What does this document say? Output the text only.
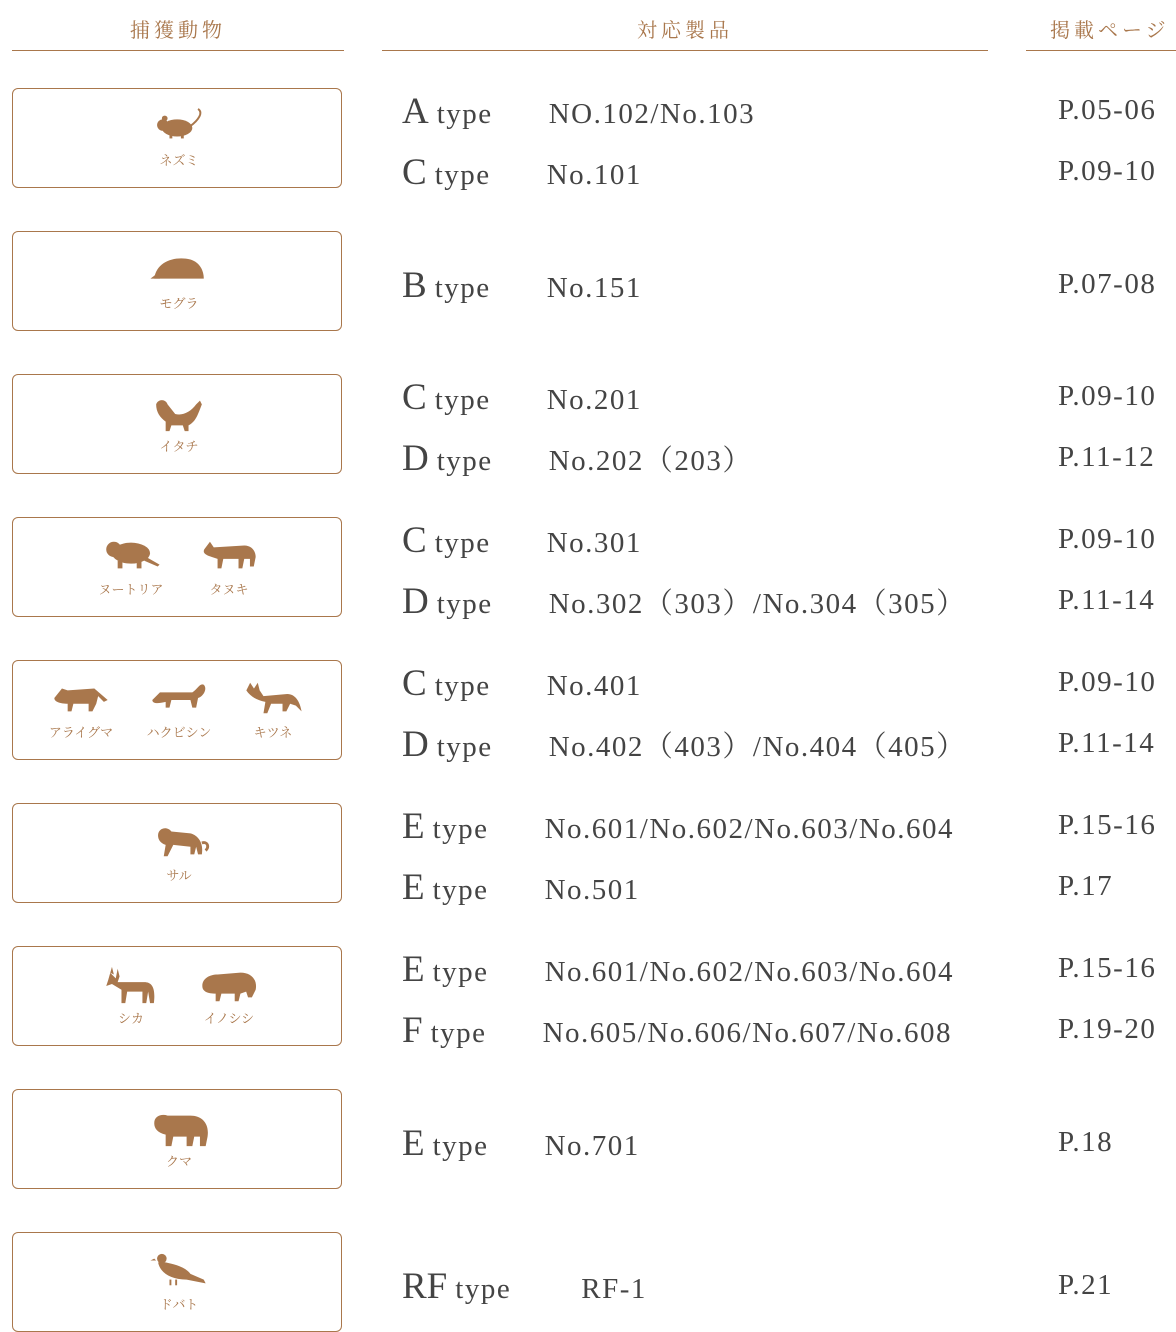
捕獲動物	対応製品	掲載ページ
ネズミ
A type NO.102/No.103	P.05-06
C type No.101	P.09-10
モグラ	B type No.151	P.07-08
イタチ
C type No.201	P.09-10
D type No.202（203）	P.11-12
ヌートリア	タヌキ
C type No.301	P.09-10
D type No.302（303）/No.304（305）	P.11-14
アライグマ	ハクビシン	キツネ
C type No.401	P.09-10
D type No.402（403）/No.404（405）	P.11-14
サル
E type No.601/No.602/No.603/No.604	P.15-16
E type No.501	P.17
シカ	イノシシ
E type No.601/No.602/No.603/No.604	P.15-16
F type No.605/No.606/No.607/No.608	P.19-20
クマ	E type No.701	P.18
ドバト	RF type RF-1	P.21
